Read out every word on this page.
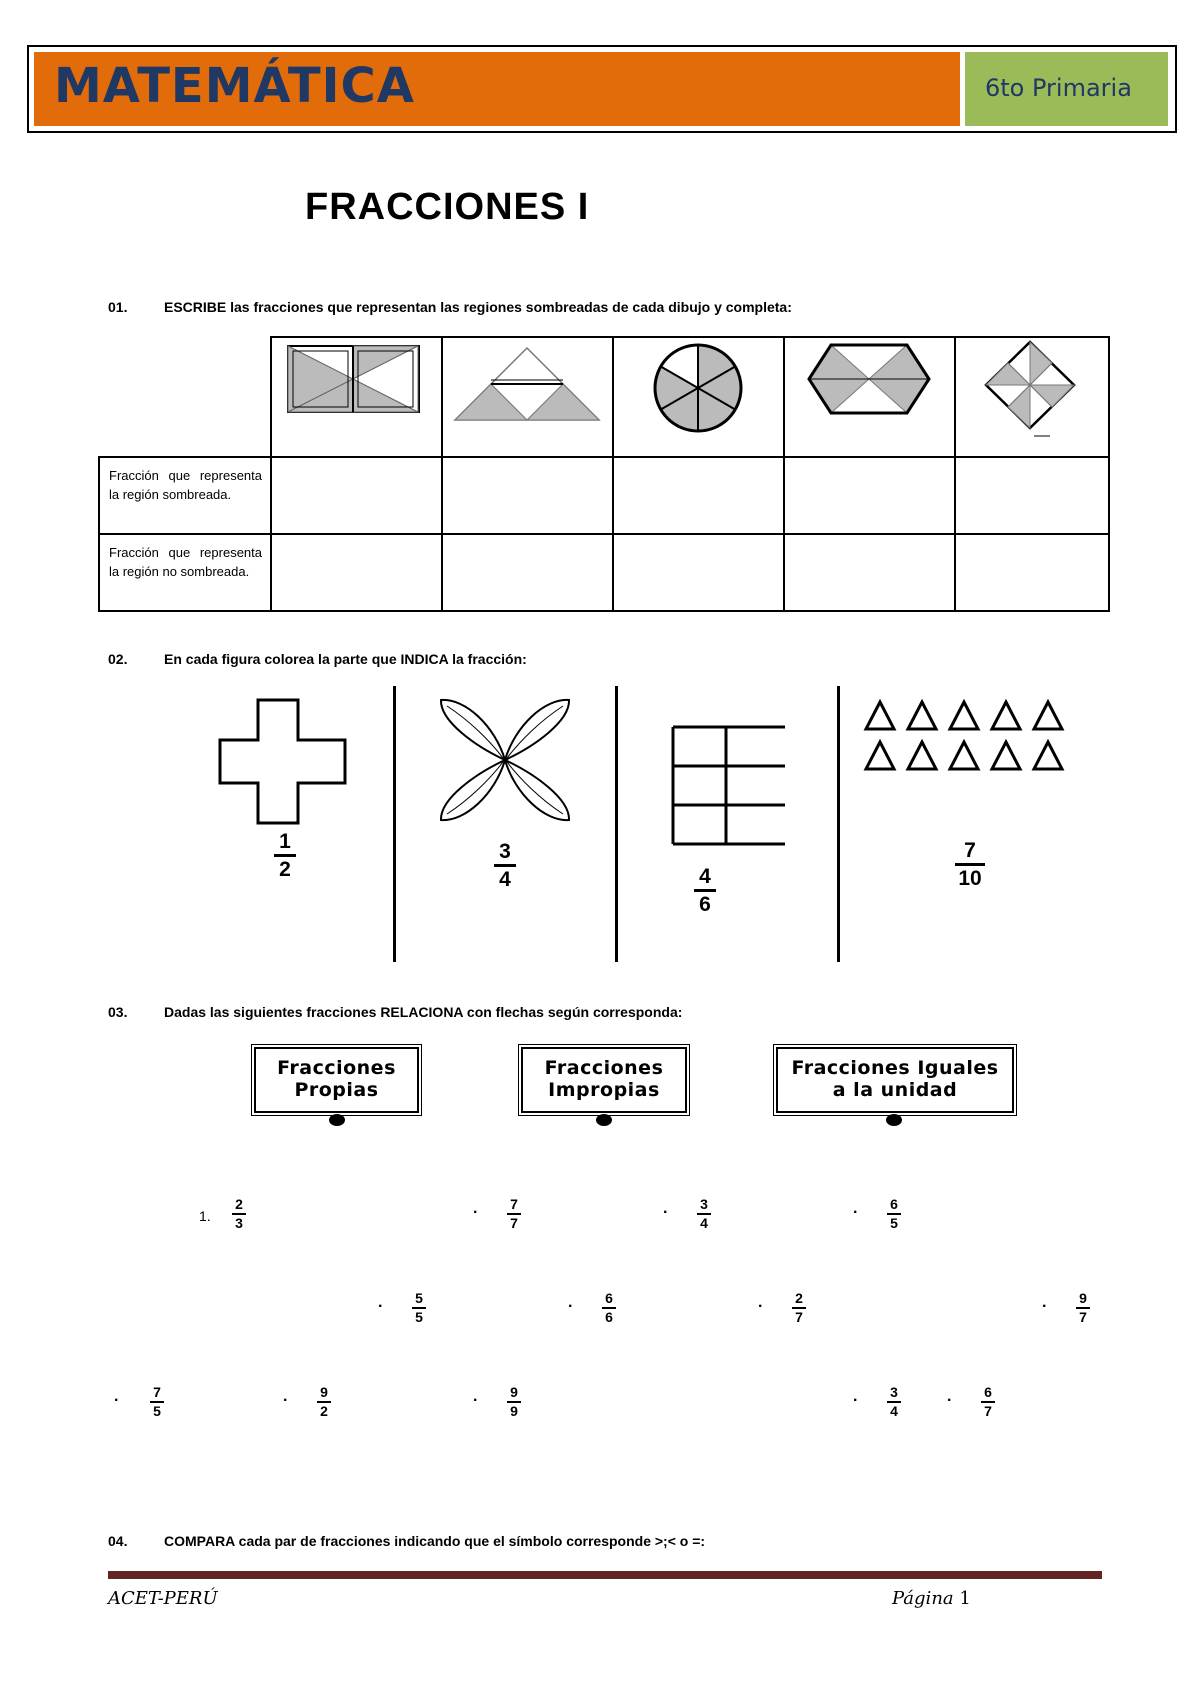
MATEMÁTICA	6to Primaria
FRACCIONES I
01.	ESCRIBE las fracciones que representan las regiones sombreadas de cada dibujo y completa:

Fracción que representa la región sombreada.					
Fracción que representa la región no sombreada.					
02.	En cada figura colorea la parte que INDICA la fracción:
1
2
3
4	4
6
7
10
03.	Dadas las siguientes fracciones RELACIONA con flechas según corresponda:
Fracciones
Propias
Fracciones
Impropias
Fracciones Iguales
a la unidad
1.
2
3
. 7
7
. 3
4
. 6
5
. 5
5
. 6
6
. 2
7
. 9
7
. 7
5
. 9
2
. 9
9
. 3
4
. 6
7
04.	COMPARA cada par de fracciones indicando que el símbolo corresponde >;< o =:
ACET-PERÚ	Página 1
